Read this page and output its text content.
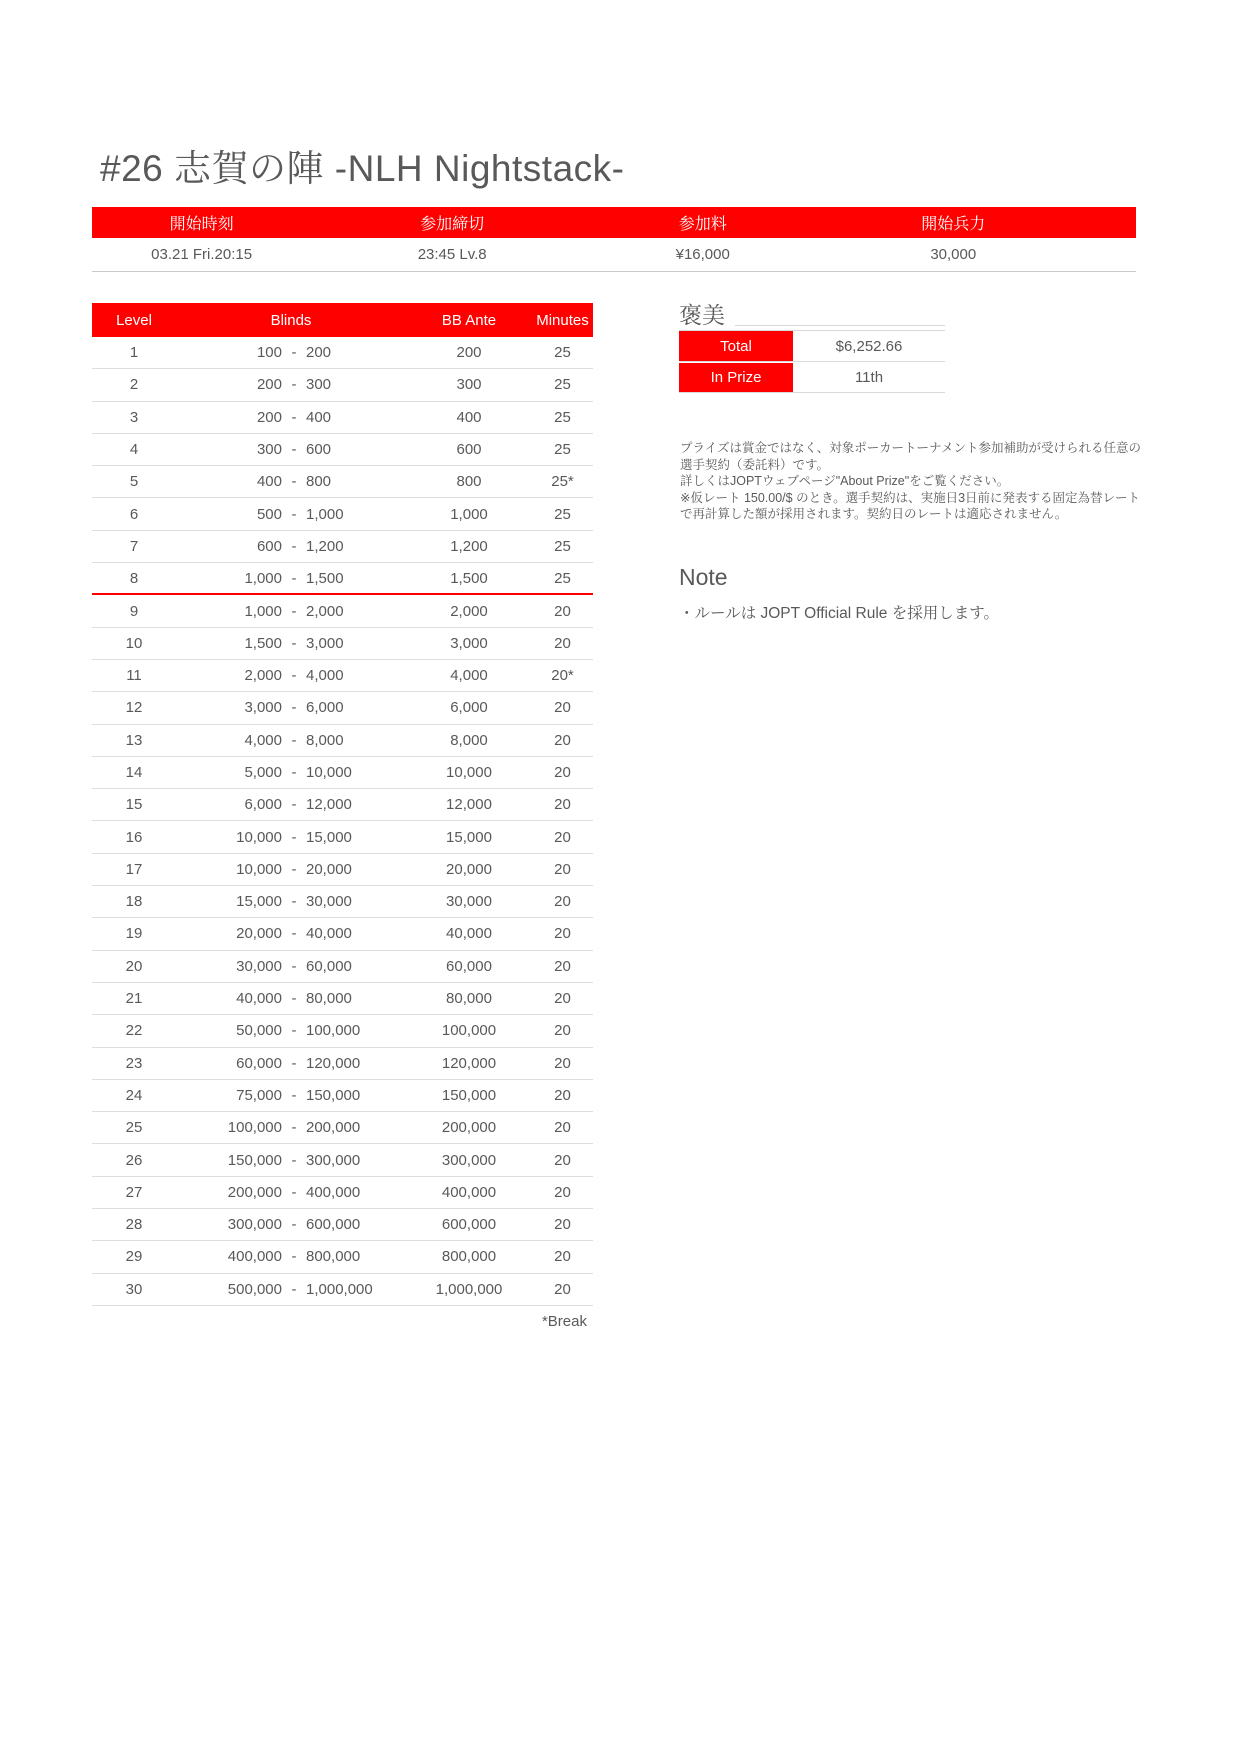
#26 志賀の陣 -NLH Nightstack-
開始時刻	参加締切	参加料	開始兵力
03.21 Fri.20:15	23:45 Lv.8	¥16,000	30,000
Level	Blinds	BB Ante	Minutes
1	100 - 200	200	25
2	200 - 300	300	25
3	200 - 400	400	25
4	300 - 600	600	25
5	400 - 800	800	25*
6	500 - 1,000	1,000	25
7	600 - 1,200	1,200	25
8	1,000 - 1,500	1,500	25
9	1,000 - 2,000	2,000	20
10	1,500 - 3,000	3,000	20
11	2,000 - 4,000	4,000	20*
12	3,000 - 6,000	6,000	20
13	4,000 - 8,000	8,000	20
14	5,000 - 10,000	10,000	20
15	6,000 - 12,000	12,000	20
16	10,000 - 15,000	15,000	20
17	10,000 - 20,000	20,000	20
18	15,000 - 30,000	30,000	20
19	20,000 - 40,000	40,000	20
20	30,000 - 60,000	60,000	20
21	40,000 - 80,000	80,000	20
22	50,000 - 100,000	100,000	20
23	60,000 - 120,000	120,000	20
24	75,000 - 150,000	150,000	20
25	100,000 - 200,000	200,000	20
26	150,000 - 300,000	300,000	20
27	200,000 - 400,000	400,000	20
28	300,000 - 600,000	600,000	20
29	400,000 - 800,000	800,000	20
30	500,000 - 1,000,000	1,000,000	20
*Break
褒美
Total	$6,252.66
In Prize	11th
プライズは賞金ではなく、対象ポーカートーナメント参加補助が受けられる任意の選手契約（委託料）です。
詳しくはJOPTウェブページ"About Prize"をご覧ください。
※仮レート 150.00/$ のとき。選手契約は、実施日3日前に発表する固定為替レートで再計算した額が採用されます。契約日のレートは適応されません。
Note
・ルールは JOPT Official Rule を採用します。
